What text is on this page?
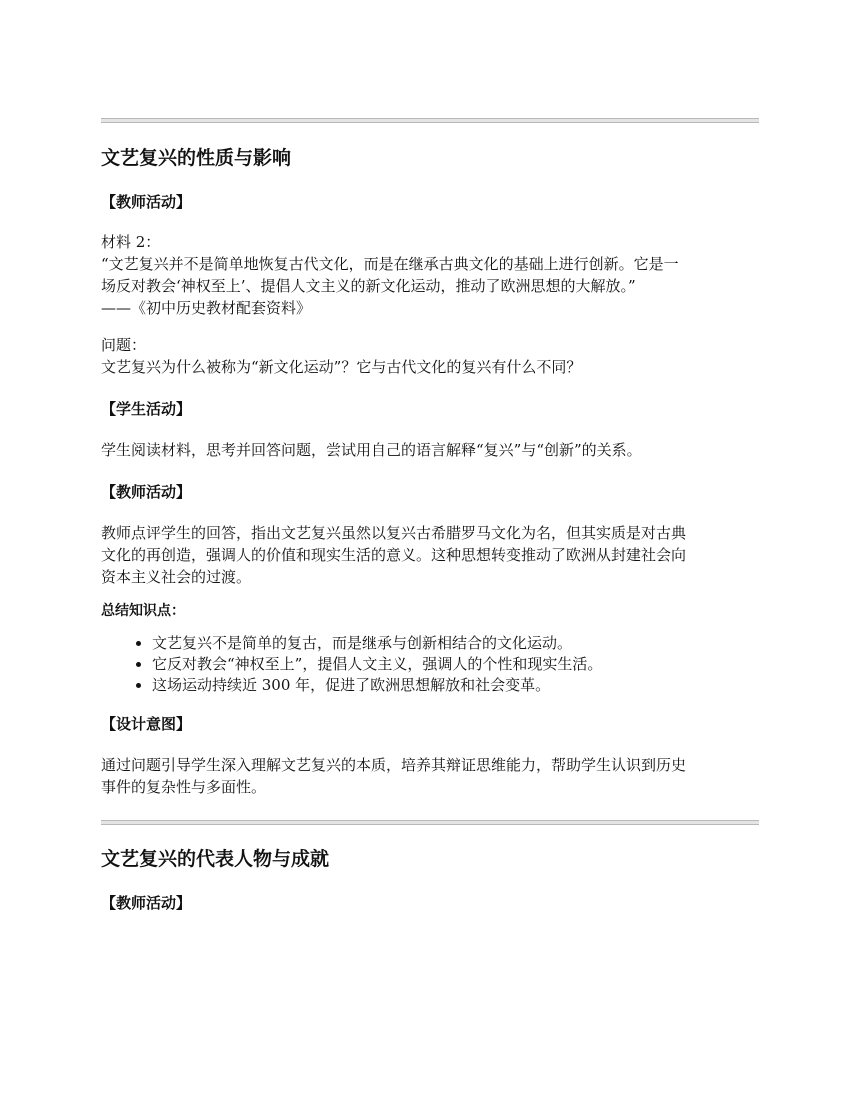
文艺复兴的性质与影响
【教师活动】
材料 2：
“文艺复兴并不是简单地恢复古代文化，而是在继承古典文化的基础上进行创新。它是一
场反对教会‘神权至上’、提倡人文主义的新文化运动，推动了欧洲思想的大解放。”
——《初中历史教材配套资料》
问题：
文艺复兴为什么被称为“新文化运动”？它与古代文化的复兴有什么不同？
【学生活动】

学生阅读材料，思考并回答问题，尝试用自己的语言解释“复兴”与“创新”的关系。

【教师活动】
教师点评学生的回答，指出文艺复兴虽然以复兴古希腊罗马文化为名，但其实质是对古典
文化的再创造，强调人的价值和现实生活的意义。这种思想转变推动了欧洲从封建社会向
资本主义社会的过渡。
总结知识点：
• 文艺复兴不是简单的复古，而是继承与创新相结合的文化运动。
• 它反对教会“神权至上”，提倡人文主义，强调人的个性和现实生活。
• 这场运动持续近 300 年，促进了欧洲思想解放和社会变革。
【设计意图】
通过问题引导学生深入理解文艺复兴的本质，培养其辩证思维能力，帮助学生认识到历史
事件的复杂性与多面性。
文艺复兴的代表人物与成就
【教师活动】
